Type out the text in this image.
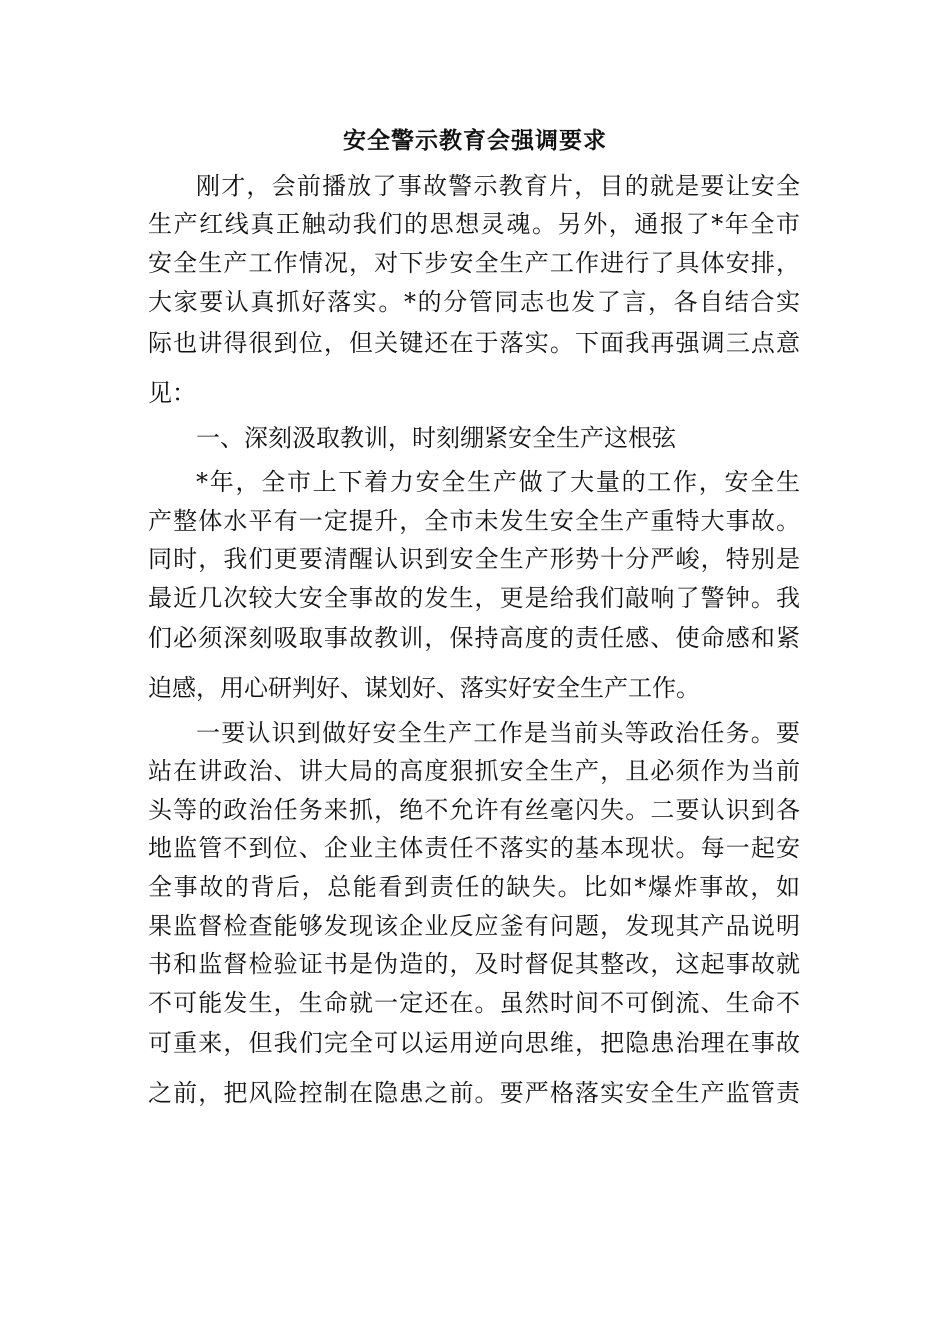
安全警示教育会强调要求
刚才，会前播放了事故警示教育片，目的就是要让安全
生产红线真正触动我们的思想灵魂。另外，通报了*年全市
安全生产工作情况，对下步安全生产工作进行了具体安排，
大家要认真抓好落实。*的分管同志也发了言，各自结合实
际也讲得很到位，但关键还在于落实。下面我再强调三点意
见：
一、深刻汲取教训，时刻绷紧安全生产这根弦
*年，全市上下着力安全生产做了大量的工作，安全生
产整体水平有一定提升，全市未发生安全生产重特大事故。
同时，我们更要清醒认识到安全生产形势十分严峻，特别是
最近几次较大安全事故的发生，更是给我们敲响了警钟。我
们必须深刻吸取事故教训，保持高度的责任感、使命感和紧
迫感，用心研判好、谋划好、落实好安全生产工作。
一要认识到做好安全生产工作是当前头等政治任务。要
站在讲政治、讲大局的高度狠抓安全生产，且必须作为当前
头等的政治任务来抓，绝不允许有丝毫闪失。二要认识到各
地监管不到位、企业主体责任不落实的基本现状。每一起安
全事故的背后，总能看到责任的缺失。比如*爆炸事故，如
果监督检查能够发现该企业反应釜有问题，发现其产品说明
书和监督检验证书是伪造的，及时督促其整改，这起事故就
不可能发生，生命就一定还在。虽然时间不可倒流、生命不
可重来，但我们完全可以运用逆向思维，把隐患治理在事故
之前，把风险控制在隐患之前。要严格落实安全生产监管责
